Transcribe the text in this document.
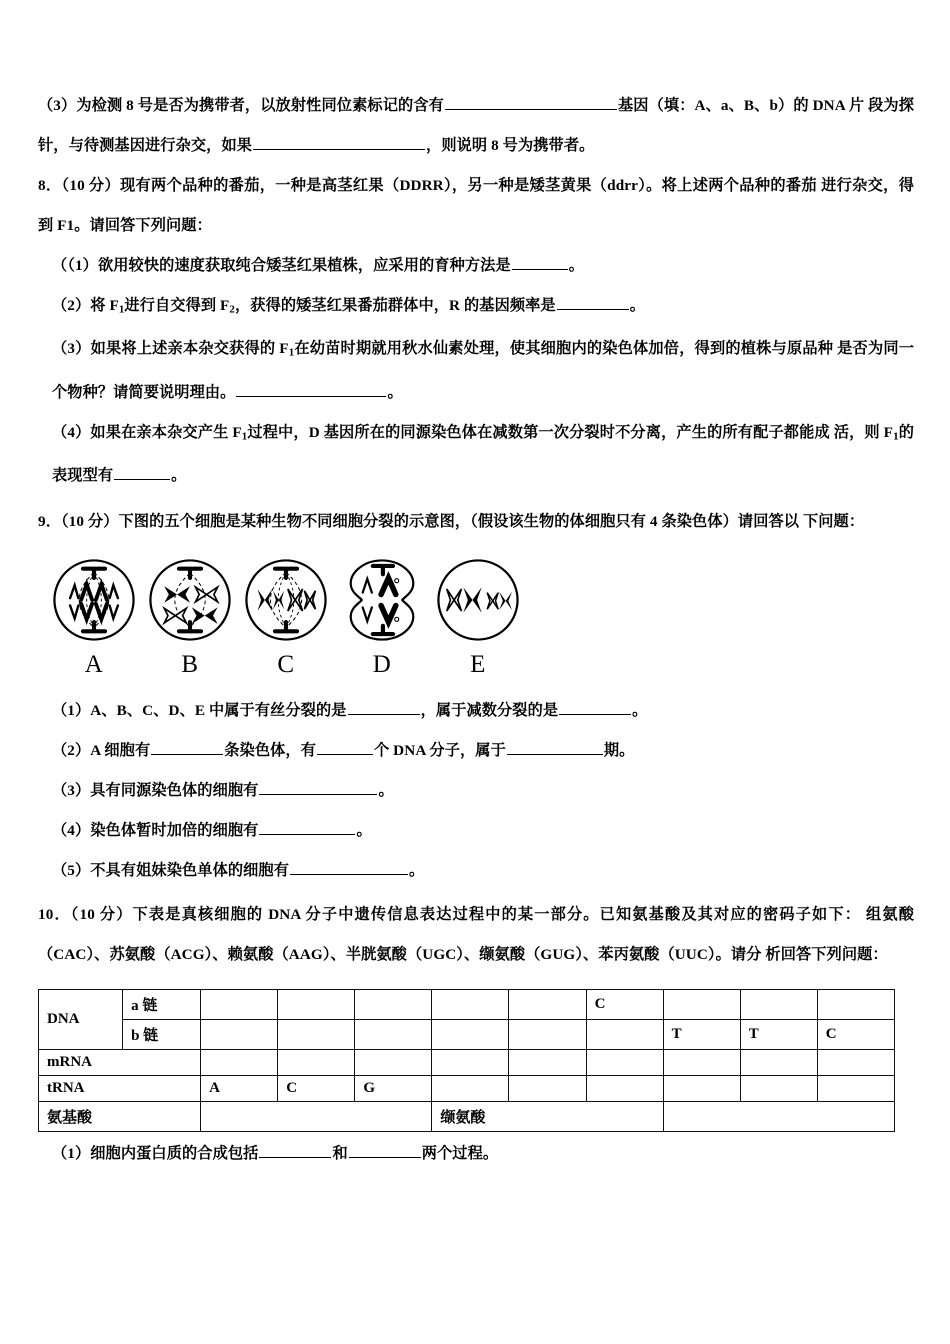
（3）为检测 8 号是否为携带者，以放射性同位素标记的含有	基因（填：A、a、B、b）的 DNA 片 段为探针，与待测基因进行杂交，如果	，则说明 8 号为携带者。
8．（10 分）现有两个品种的番茄，一种是高茎红果（DDRR），另一种是矮茎黄果（ddrr）。将上述两个品种的番茄 进行杂交，得到 F1。请回答下列问题：
（（1）欲用较快的速度获取纯合矮茎红果植株，应采用的育种方法是	。
（2）将 $F_1$进行自交得到 $F_2$，获得的矮茎红果番茄群体中，R 的基因频率是	。
（3）如果将上述亲本杂交获得的 $F_1$在幼苗时期就用秋水仙素处理，使其细胞内的染色体加倍，得到的植株与原品种 是否为同一个物种？请简要说明理由。	。
（4）如果在亲本杂交产生 $F_1$过程中，D 基因所在的同源染色体在减数第一次分裂时不分离，产生的所有配子都能成 活，则 $F_1$的表现型有	。
9．（10 分）下图的五个细胞是某种生物不同细胞分裂的示意图，（假设该生物的体细胞只有 4 条染色体）请回答以 下问题：
A	B	C	D	E
（1）A、B、C、D、E 中属于有丝分裂的是	，属于减数分裂的是	。
（2）A 细胞有	条染色体，有	个 DNA 分子，属于	期。
（3）具有同源染色体的细胞有	。
（4）染色体暂时加倍的细胞有	。
（5）不具有姐妹染色单体的细胞有	。
10．（10 分）下表是真核细胞的 DNA 分子中遗传信息表达过程中的某一部分。已知氨基酸及其对应的密码子如下： 组氨酸（CAC）、苏氨酸（ACG）、赖氨酸（AAG）、半胱氨酸（UGC）、缬氨酸（GUG）、苯丙氨酸（UUC）。请分 析回答下列问题：
DNA	a 链						C			
	b 链							T	T	C
mRNA										
tRNA		A	C	G						
氨基酸					缬氨酸					
（1）细胞内蛋白质的合成包括	和	两个过程。
